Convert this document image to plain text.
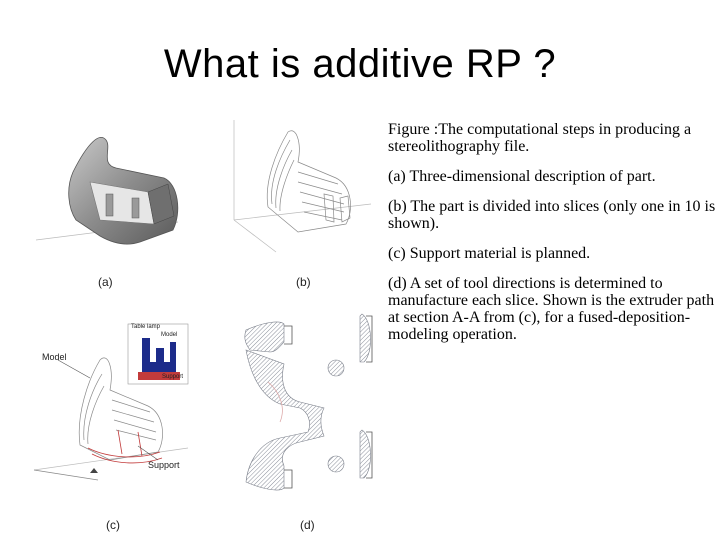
What is additive RP ?
(a)	(b)
Table lamp
Model
Support
Model
Support
(c)	(d)

Figure :The computational steps in producing a stereolithography file.

(a) Three-dimensional description of part.

(b) The part is divided into slices (only one in 10 is shown).

(c) Support material is planned.

(d) A set of tool directions is determined to manufacture each slice. Shown is the extruder path at section A-A from (c), for a fused-deposition-modeling operation.
